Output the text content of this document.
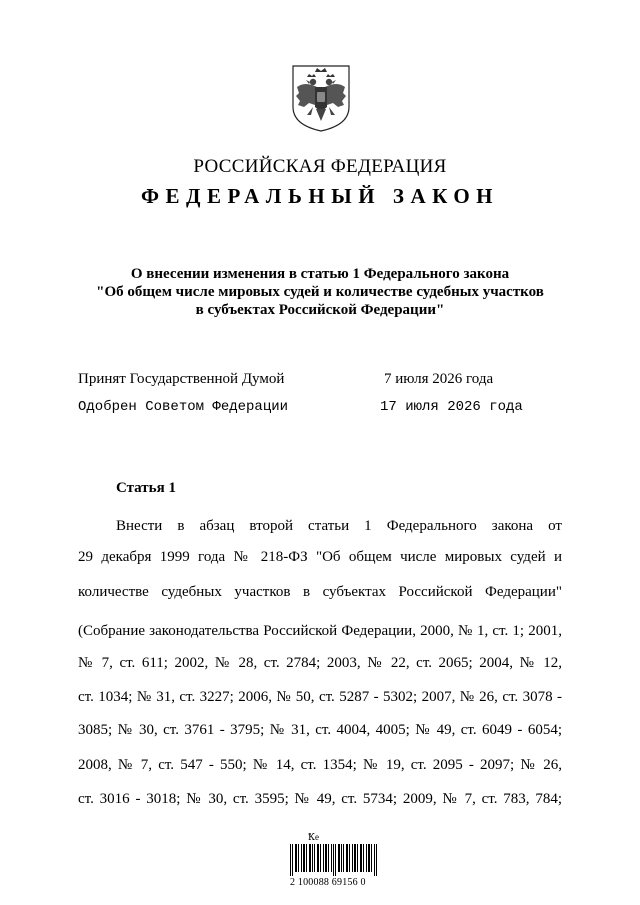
РОССИЙСКАЯ ФЕДЕРАЦИЯ
ФЕДЕРАЛЬНЫЙ ЗАКОН
О внесении изменения в статью 1 Федерального закона
"Об общем числе мировых судей и количестве судебных участков
в субъектах Российской Федерации"
Принят Государственной Думой	7 июля 2026 года
Одобрен Советом Федерации	17 июля 2026 года
Статья 1
Внести в абзац второй статьи 1 Федерального закона от
29 декабря 1999 года № 218-ФЗ "Об общем числе мировых судей и
количестве судебных участков в субъектах Российской Федерации"
(Собрание законодательства Российской Федерации, 2000, № 1, ст. 1; 2001,
№ 7, ст. 611; 2002, № 28, ст. 2784; 2003, № 22, ст. 2065; 2004, № 12,
ст. 1034; № 31, ст. 3227; 2006, № 50, ст. 5287 - 5302; 2007, № 26, ст. 3078 -
3085; № 30, ст. 3761 - 3795; № 31, ст. 4004, 4005; № 49, ст. 6049 - 6054;
2008, № 7, ст. 547 - 550; № 14, ст. 1354; № 19, ст. 2095 - 2097; № 26,
ст. 3016 - 3018; № 30, ст. 3595; № 49, ст. 5734; 2009, № 7, ст. 783, 784;
Ꝁe
2 100088 69156 0
